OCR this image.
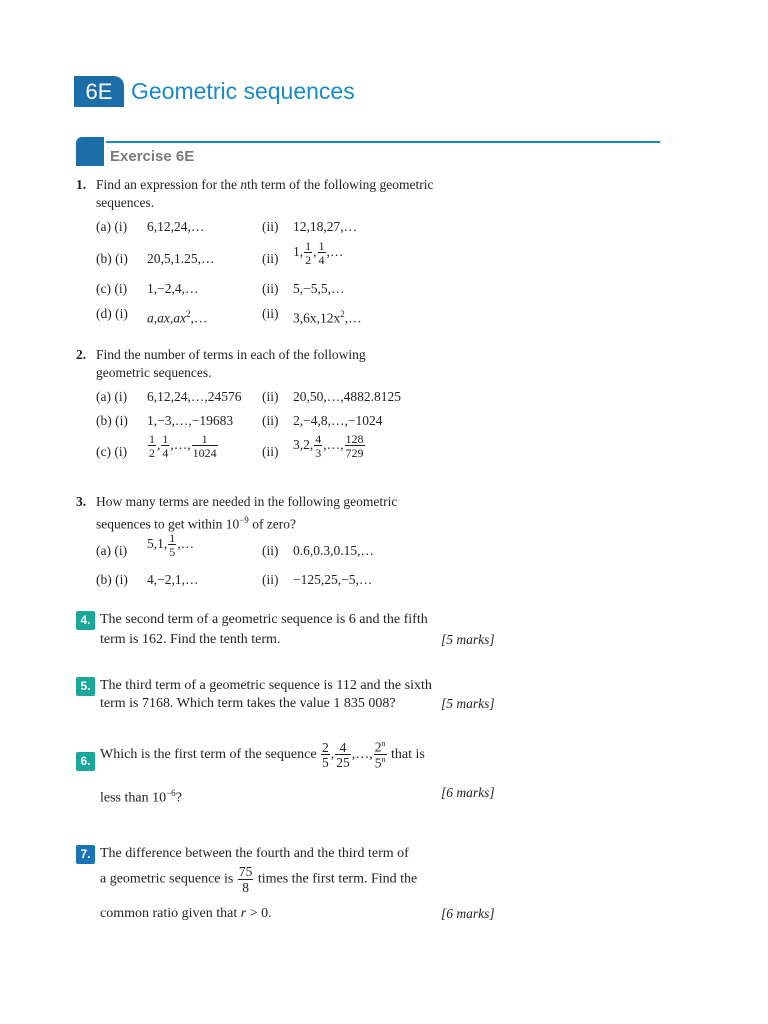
6E Geometric sequences
Exercise 6E
1. Find an expression for the nth term of the following geometric
sequences.
(a) (i) 6,12,24,…	(ii) 12,18,27,…
(b) (i) 20,5,1.25,…	(ii) 1, $\frac{1}{2}$ , $\frac{1}{4}$ ,…
(c) (i) 1,−2,4,…	(ii) 5,−5,5,…
(d) (i) $a,ax,ax^2,\dots$	(ii) $3,6x,12x^2,\dots$
2. Find the number of terms in each of the following
geometric sequences.
(a) (i) 6,12,24,…,24576 (ii) 20,50,…,4882.8125
(b) (i) 1,−3,…,−19683 (ii) 2,−4,8,…,−1024
(c) $(i) \frac{1}{2}$ , $\frac{1}{4}$ ,…, $\frac{1}{1024}$	(ii) 3,2, $\frac{4}{3}$ ,…, $\frac{128}{729}$
3. How many terms are needed in the following geometric
sequences to get within $10^{-9}$ of zero?
(a) (i) 5,1, $\frac{1}{5}$ ,…	(ii) 0.6,0.3,0.15,…
(b) (i) 4,−2,1,…	(ii) −125,25,−5,…
4. The second term of a geometric sequence is 6 and the fifth
term is 162. Find the tenth term.	[5 marks]
5. The third term of a geometric sequence is 112 and the sixth
term is 7168. Which term takes the value 1 835 008?	[5 marks]
6. Which is the first term of the sequence $\frac{2}{5}$ , $\frac{4}{25}$ ,…, $\frac{2^n}{5^n}$ that is
less than $10^{-6}$?	[6 marks]
7. The difference between the fourth and the third term of
a geometric sequence is $\frac{75}{8}$ times the first term. Find the
common ratio given that r > 0.	[6 marks]
